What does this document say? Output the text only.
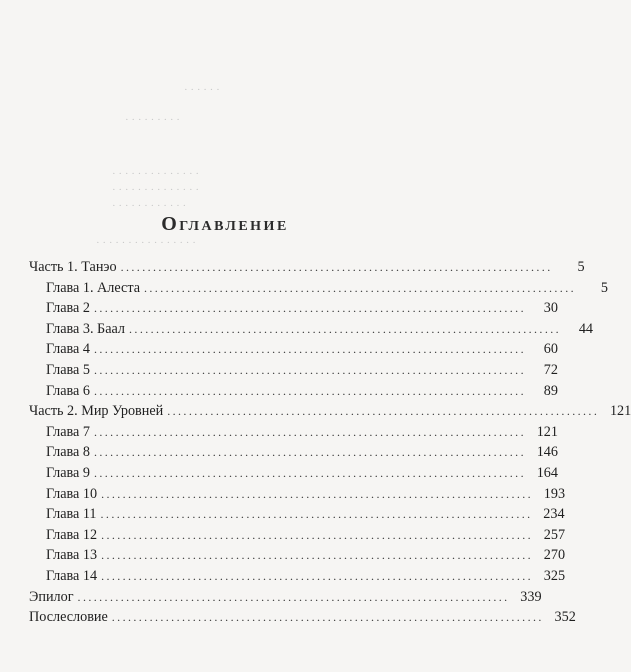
· · · · · ·
· · · · · · · · ·
· · · · · · · · · · · · · ·
· · · · · · · · · · · · · ·
· · · · · · · · · · · ·
· · · · · · · · · · · · · · · ·
Оглавление
Часть 1. Танэо ................................................................................	5
Глава 1. Алеста ................................................................................	5
Глава 2 ................................................................................	30
Глава 3. Баал ................................................................................	44
Глава 4 ................................................................................	60
Глава 5 ................................................................................	72
Глава 6 ................................................................................	89
Часть 2. Мир Уровней ................................................................................ 121
Глава 7 ................................................................................ 121
Глава 8 ................................................................................ 146
Глава 9 ................................................................................ 164
Глава 10 ................................................................................ 193
Глава 11 ................................................................................ 234
Глава 12 ................................................................................ 257
Глава 13 ................................................................................ 270
Глава 14 ................................................................................ 325
Эпилог ................................................................................ 339
Послесловие ................................................................................ 352
